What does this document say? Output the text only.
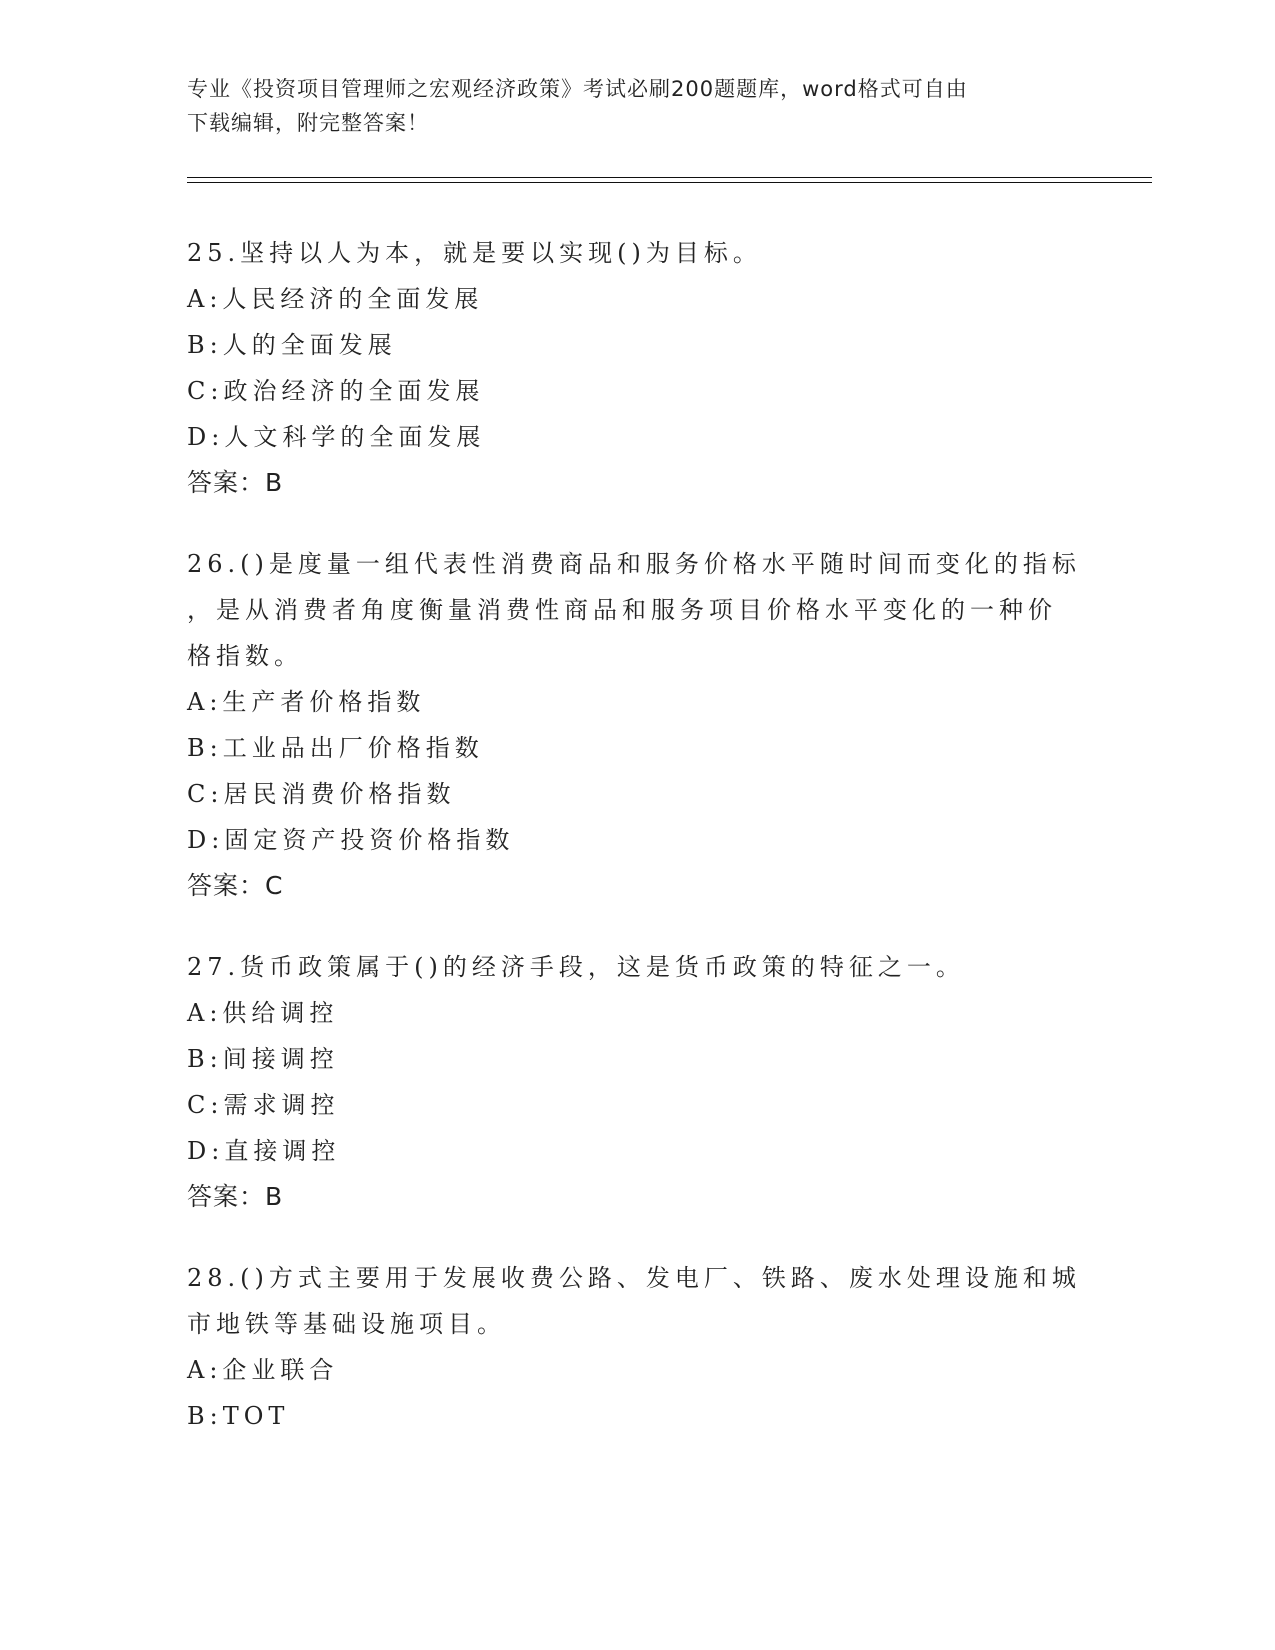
专业《投资项目管理师之宏观经济政策》考试必刷200题题库，word格式可自由
下载编辑，附完整答案！
25.坚持以人为本，就是要以实现()为目标。
A:人民经济的全面发展
B:人的全面发展
C:政治经济的全面发展
D:人文科学的全面发展
答案：B
26.()是度量一组代表性消费商品和服务价格水平随时间而变化的指标
，是从消费者角度衡量消费性商品和服务项目价格水平变化的一种价
格指数。
A:生产者价格指数
B:工业品出厂价格指数
C:居民消费价格指数
D:固定资产投资价格指数
答案：C
27.货币政策属于()的经济手段，这是货币政策的特征之一。
A:供给调控
B:间接调控
C:需求调控
D:直接调控
答案：B
28.()方式主要用于发展收费公路、发电厂、铁路、废水处理设施和城
市地铁等基础设施项目。
A:企业联合
B:TOT
